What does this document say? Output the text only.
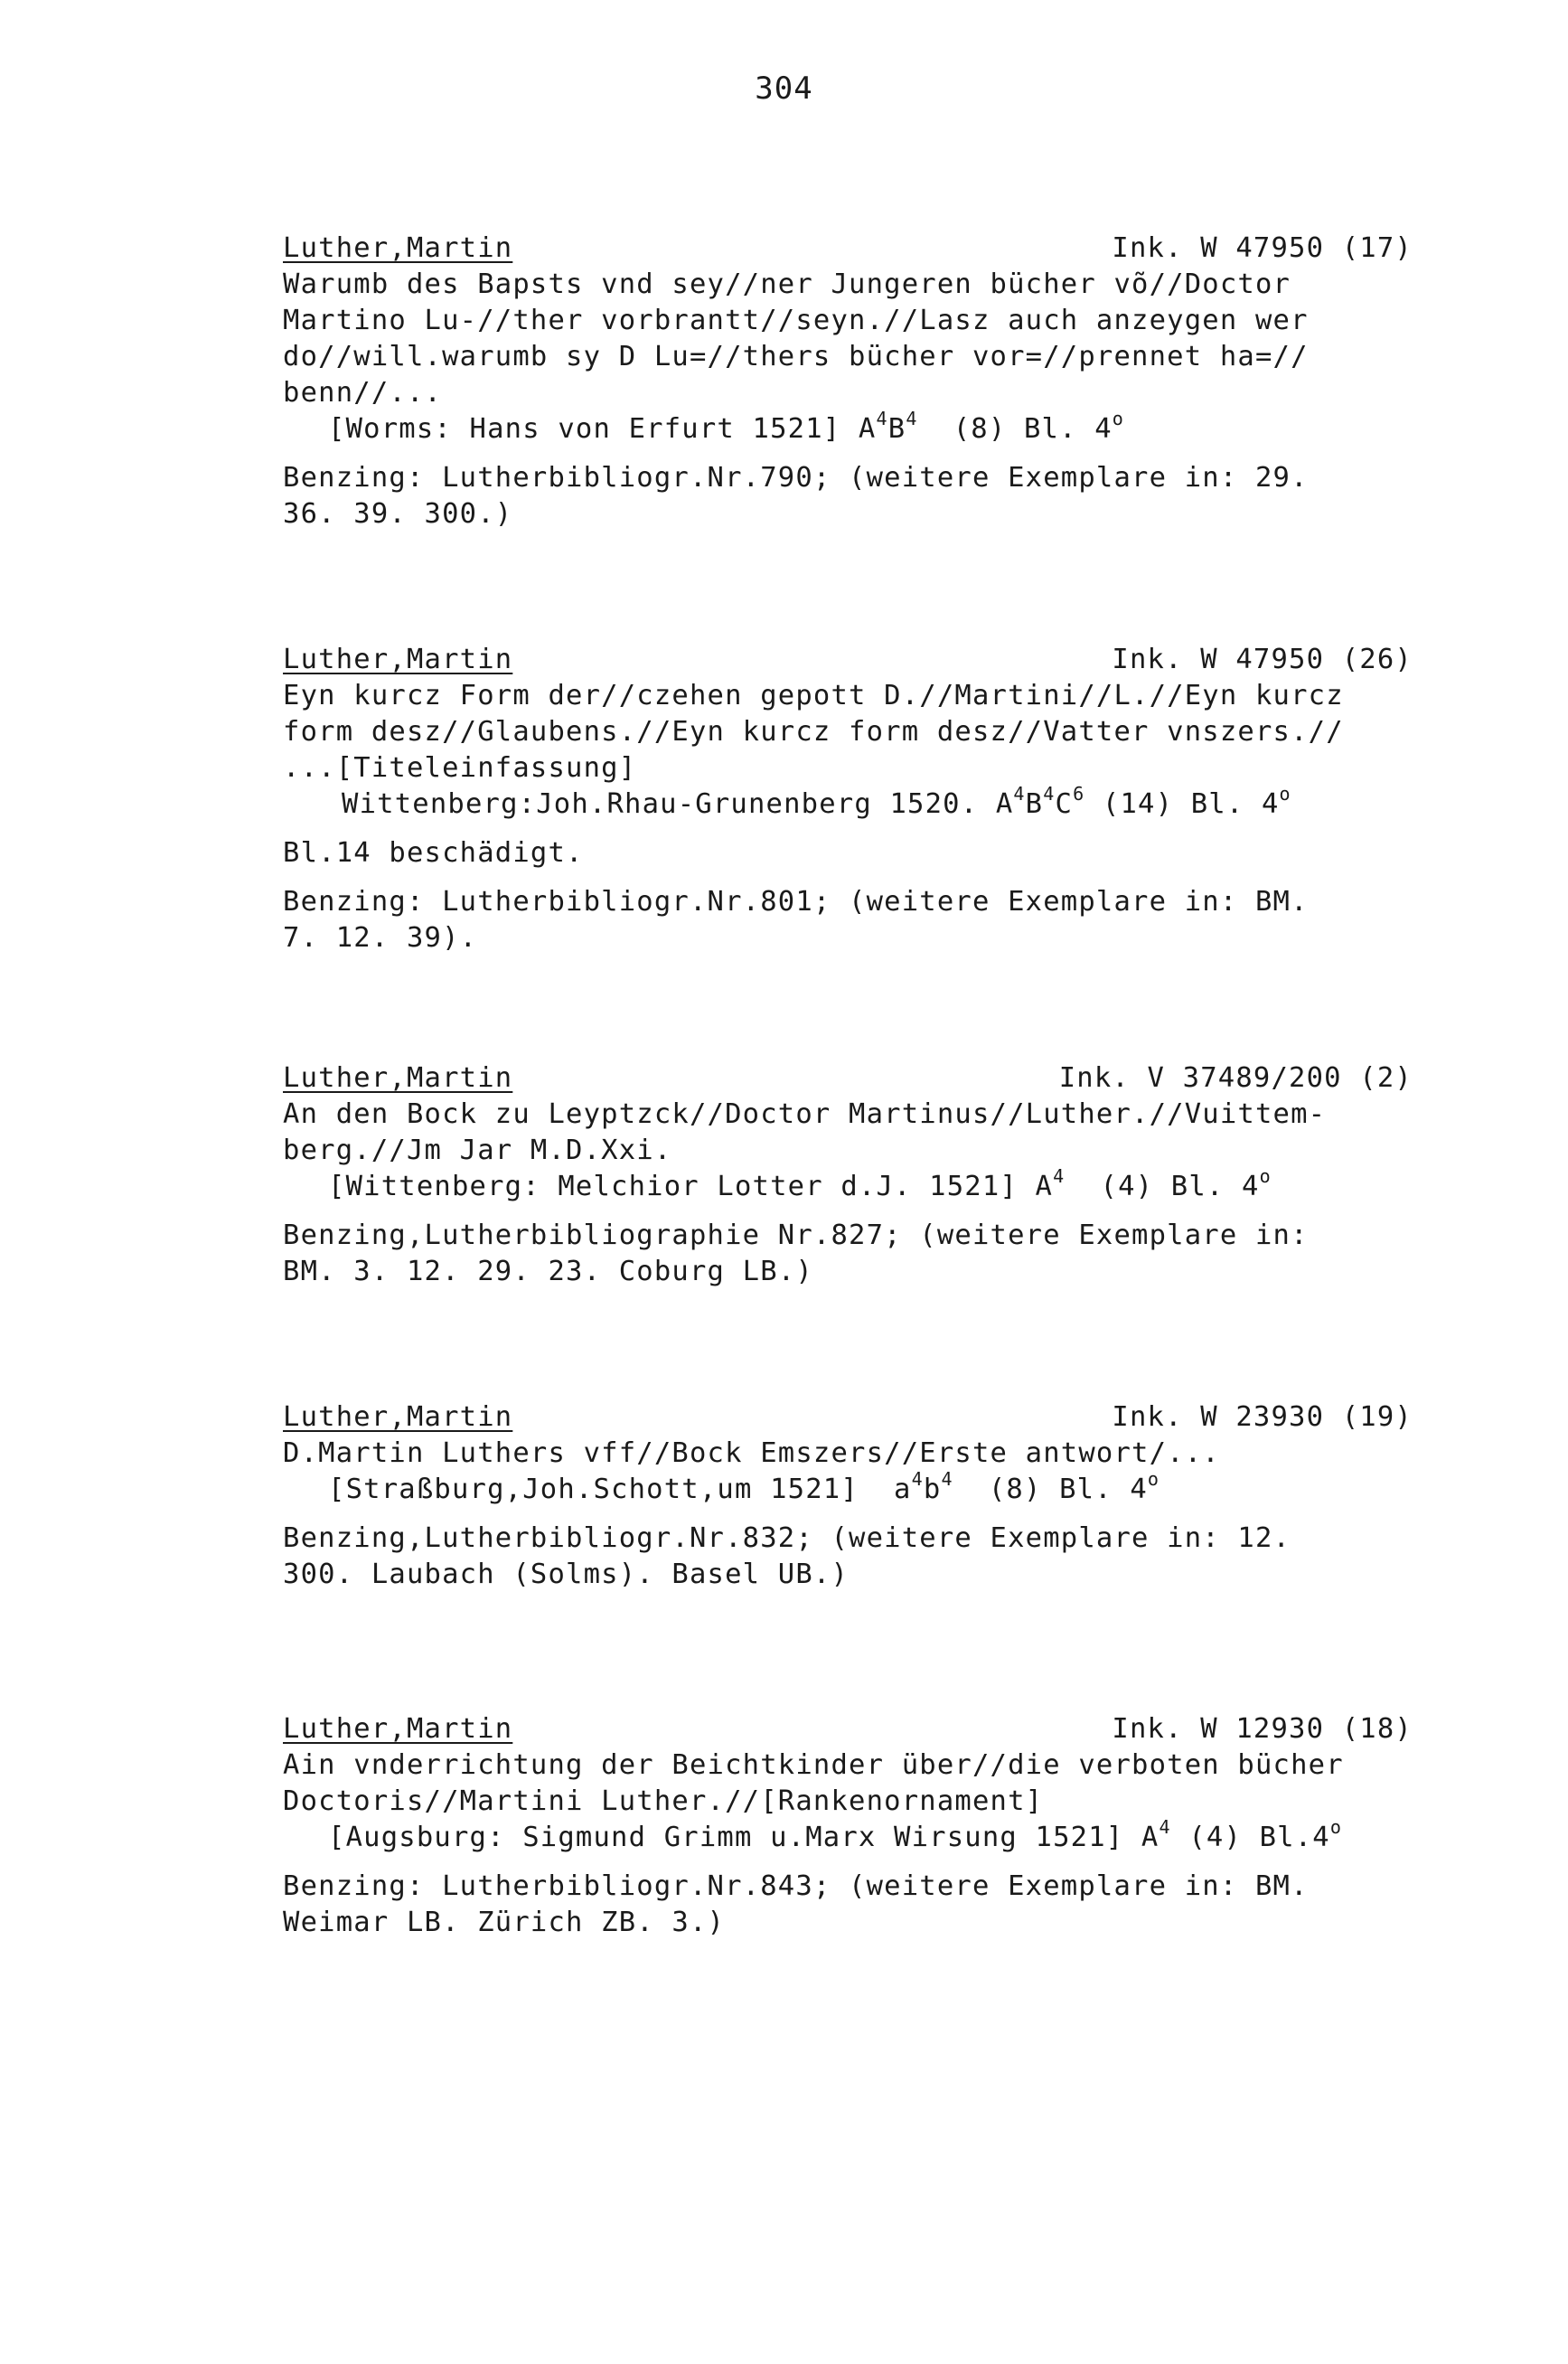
304
Luther,Martin	Ink. W 47950 (17)
Warumb des Bapsts vnd sey//ner Jungeren bücher võ//Doctor
Martino Lu-//ther vorbrantt//seyn.//Lasz auch anzeygen wer
do//will.warumb sy D Lu=//thers bücher vor=//prennet ha=//
benn//...
[Worms: Hans von Erfurt 1521] $A^4B^4$ (8) Bl. 4$^o$
Benzing: Lutherbibliogr.Nr.790; (weitere Exemplare in: 29.
36. 39. 300.)
Luther,Martin	Ink. W 47950 (26)
Eyn kurcz Form der//czehen gepott D.//Martini//L.//Eyn kurcz
form desz//Glaubens.//Eyn kurcz form desz//Vatter vnszers.//
...[Titeleinfassung]
Wittenberg:Joh.Rhau-Grunenberg 1520. $A^4B^4C^6$ (14) Bl. 4$^o$
Bl.14 beschädigt.
Benzing: Lutherbibliogr.Nr.801; (weitere Exemplare in: BM.
7. 12. 39).
Luther,Martin	Ink. V 37489/200 (2)
An den Bock zu Leyptzck//Doctor Martinus//Luther.//Vuittem-
berg.//Jm Jar M.D.Xxi.
[Wittenberg: Melchior Lotter d.J. 1521] $A^4$ (4) Bl. 4$^o$
Benzing,Lutherbibliographie Nr.827; (weitere Exemplare in:
BM. 3. 12. 29. 23. Coburg LB.)
Luther,Martin	Ink. W 23930 (19)
D.Martin Luthers vff//Bock Emszers//Erste antwort/...
[Straßburg,Joh.Schott,um 1521] $a^4b^4$ (8) Bl. 4$^o$
Benzing,Lutherbibliogr.Nr.832; (weitere Exemplare in: 12.
300. Laubach (Solms). Basel UB.)
Luther,Martin	Ink. W 12930 (18)
Ain vnderrichtung der Beichtkinder über//die verboten bücher
Doctoris//Martini Luther.//[Rankenornament]
[Augsburg: Sigmund Grimm u.Marx Wirsung 1521] $A^4$ (4) Bl.4$^o$
Benzing: Lutherbibliogr.Nr.843; (weitere Exemplare in: BM.
Weimar LB. Zürich ZB. 3.)
